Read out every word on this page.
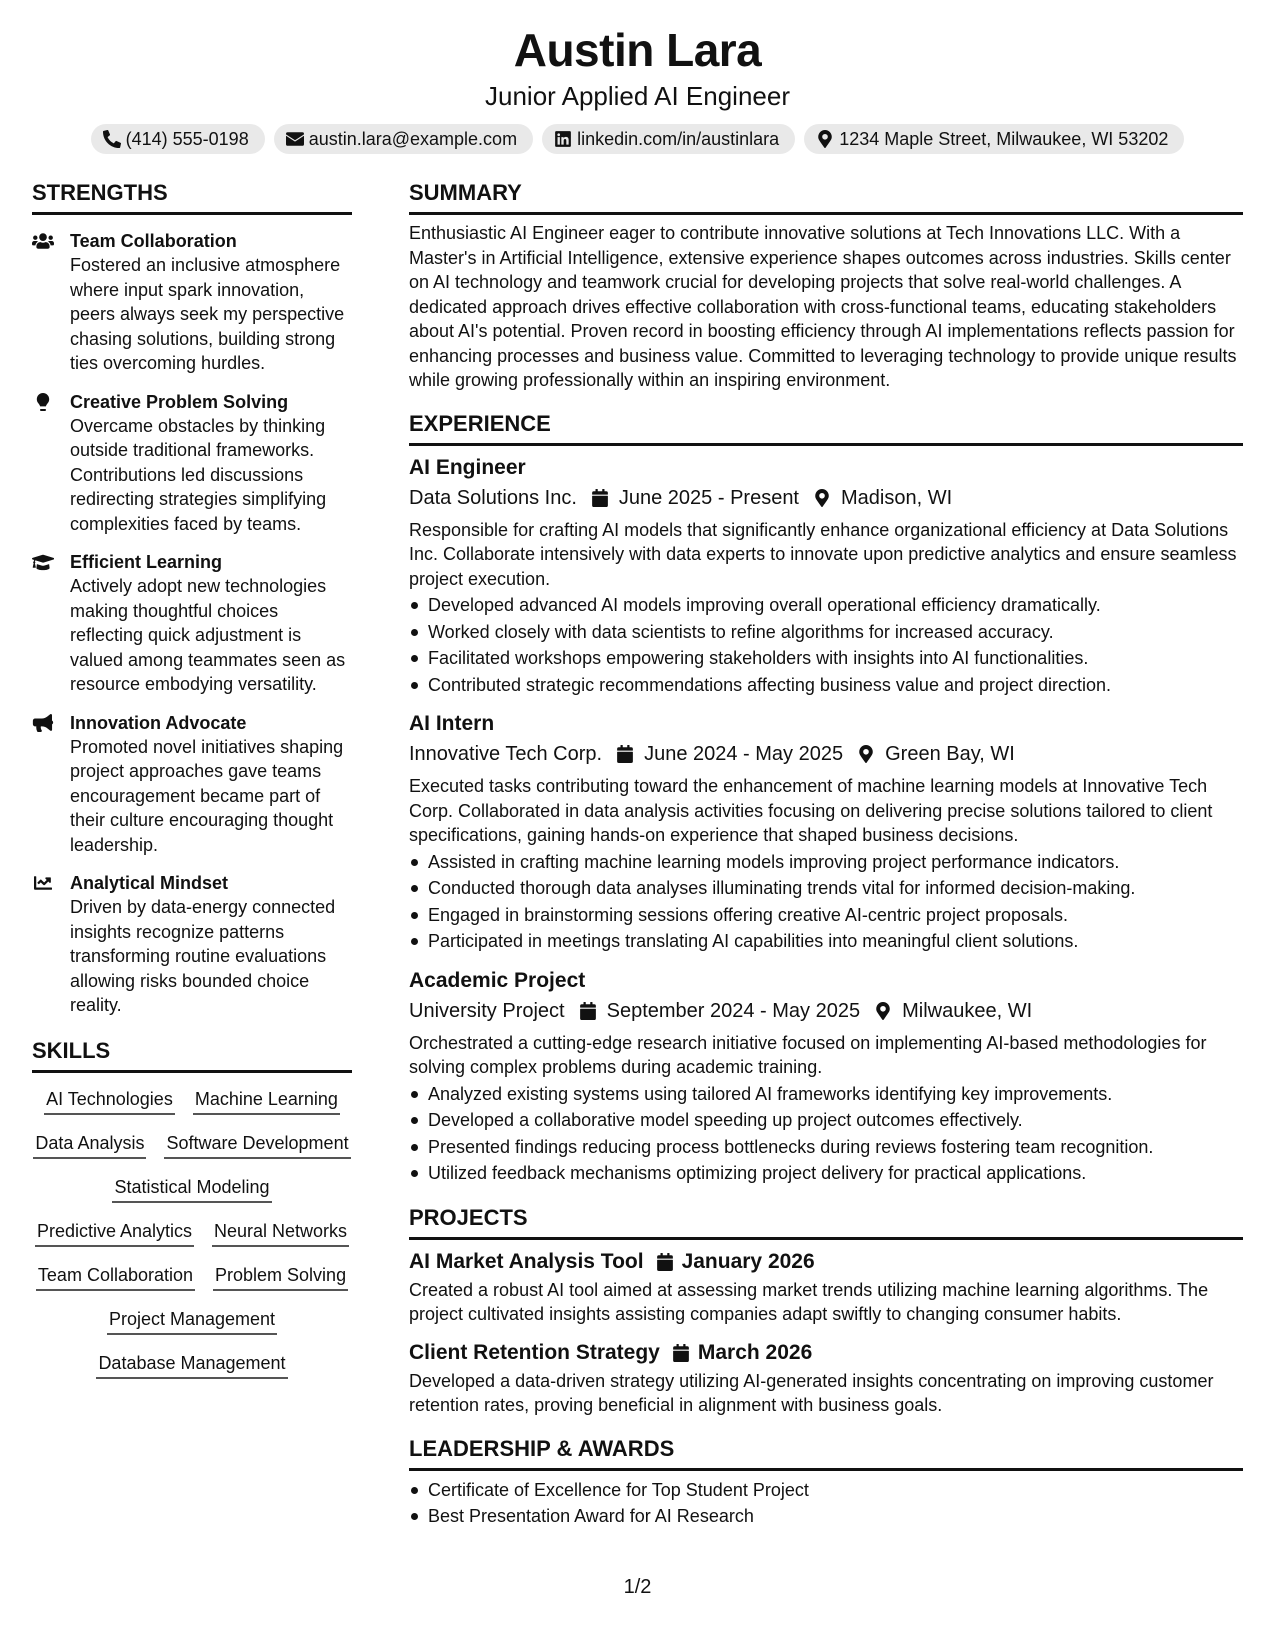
Austin Lara
Junior Applied AI Engineer
(414) 555-0198	austin.lara@example.com	linkedin.com/in/austinlara	1234 Maple Street, Milwaukee, WI 53202
STRENGTHS
Team Collaboration
Fostered an inclusive atmosphere where input spark innovation, peers always seek my perspective chasing solutions, building strong ties overcoming hurdles.
Creative Problem Solving
Overcame obstacles by thinking outside traditional frameworks. Contributions led discussions redirecting strategies simplifying complexities faced by teams.
Efficient Learning
Actively adopt new technologies making thoughtful choices reflecting quick adjustment is valued among teammates seen as resource embodying versatility.
Innovation Advocate
Promoted novel initiatives shaping project approaches gave teams encouragement became part of their culture encouraging thought leadership.
Analytical Mindset
Driven by data-energy connected insights recognize patterns transforming routine evaluations allowing risks bounded choice reality.
SKILLS
AI Technologies Machine Learning
Data Analysis Software Development
Statistical Modeling
Predictive Analytics Neural Networks
Team Collaboration Problem Solving
Project Management
Database Management
SUMMARY
Enthusiastic AI Engineer eager to contribute innovative solutions at Tech Innovations LLC. With a Master's in Artificial Intelligence, extensive experience shapes outcomes across industries. Skills center on AI technology and teamwork crucial for developing projects that solve real-world challenges. A dedicated approach drives effective collaboration with cross-functional teams, educating stakeholders about AI's potential. Proven record in boosting efficiency through AI implementations reflects passion for enhancing processes and business value. Committed to leveraging technology to provide unique results while growing professionally within an inspiring environment.
EXPERIENCE
AI Engineer
Data Solutions Inc. June 2025 - Present Madison, WI
Responsible for crafting AI models that significantly enhance organizational efficiency at Data Solutions Inc. Collaborate intensively with data experts to innovate upon predictive analytics and ensure seamless project execution.
Developed advanced AI models improving overall operational efficiency dramatically.
Worked closely with data scientists to refine algorithms for increased accuracy.
Facilitated workshops empowering stakeholders with insights into AI functionalities.
Contributed strategic recommendations affecting business value and project direction.
AI Intern
Innovative Tech Corp. June 2024 - May 2025 Green Bay, WI
Executed tasks contributing toward the enhancement of machine learning models at Innovative Tech Corp. Collaborated in data analysis activities focusing on delivering precise solutions tailored to client specifications, gaining hands-on experience that shaped business decisions.
Assisted in crafting machine learning models improving project performance indicators.
Conducted thorough data analyses illuminating trends vital for informed decision-making.
Engaged in brainstorming sessions offering creative AI-centric project proposals.
Participated in meetings translating AI capabilities into meaningful client solutions.
Academic Project
University Project September 2024 - May 2025 Milwaukee, WI
Orchestrated a cutting-edge research initiative focused on implementing AI-based methodologies for solving complex problems during academic training.
Analyzed existing systems using tailored AI frameworks identifying key improvements.
Developed a collaborative model speeding up project outcomes effectively.
Presented findings reducing process bottlenecks during reviews fostering team recognition.
Utilized feedback mechanisms optimizing project delivery for practical applications.
PROJECTS
AI Market Analysis Tool January 2026
Created a robust AI tool aimed at assessing market trends utilizing machine learning algorithms. The project cultivated insights assisting companies adapt swiftly to changing consumer habits.
Client Retention Strategy March 2026
Developed a data-driven strategy utilizing AI-generated insights concentrating on improving customer retention rates, proving beneficial in alignment with business goals.
LEADERSHIP & AWARDS
Certificate of Excellence for Top Student Project
Best Presentation Award for AI Research
1/2
